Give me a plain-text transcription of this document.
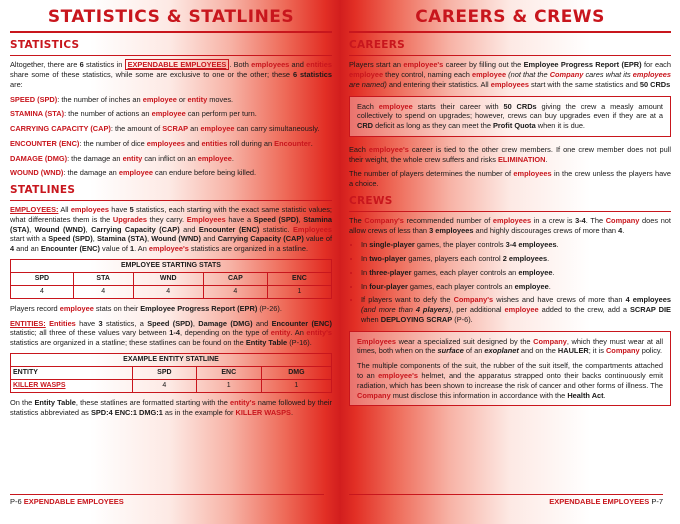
STATISTICS & STATLINES
STATISTICS

Altogether, there are 6 statistics in EXPENDABLE EMPLOYEES . Both employees and entities share some of these statistics, while some are exclusive to one or the other; these 6 statistics are:

SPEED (SPD): the number of inches an employee or entity moves.

STAMINA (STA): the number of actions an employee can perform per turn.

CARRYING CAPACITY (CAP): the amount of SCRAP an employee can carry simultaneously.

ENCOUNTER (ENC): the number of dice employees and entities roll during an Encounter.

DAMAGE (DMG): the damage an entity can inflict on an employee.

WOUND (WND): the damage an employee can endure before being killed.

STATLINES

EMPLOYEES: All employees have 5 statistics, each starting with the exact same statistic values; what differentiates them is the Upgrades they carry. Employees have a Speed (SPD), Stamina (STA), Wound (WND), Carrying Capacity (CAP) and Encounter (ENC) statistic. Employees start with a Speed (SPD), Stamina (STA), Wound (WND) and Carrying Capacity (CAP) value of 4 and an Encounter (ENC) value of 1. An employee's statistics are organized in a statline.

EMPLOYEE STARTING STATS				
SPD	STA	WND	CAP	ENC
4	4	4	4	1

Players record employee stats on their Employee Progress Report (EPR) (P-26).

ENTITIES: Entities have 3 statistics, a Speed (SPD), Damage (DMG) and Encounter (ENC) statistic; all three of these values vary between 1-4, depending on the type of entity. An entity's statistics are organized in a statline; these statlines can be found on the Entity Table (P-16).

EXAMPLE ENTITY STATLINE			
ENTITY	SPD	ENC	DMG
KILLER WASPS	4	1	1

On the Entity Table, these statlines are formatted starting with the entity's name followed by their statistics abbreviated as SPD:4 ENC:1 DMG:1 as in the example for KILLER WASPS.

P-6 EXPENDABLE EMPLOYEES
CAREERS & CREWS
CAREERS

Players start an employee's career by filling out the Employee Progress Report (EPR) for each employee they control, naming each employee (not that the Company cares what its employees are named) and entering their statistics. All employees start with the same statistics and 50 CRDs

Each employee starts their career with 50 CRDs giving the crew a measly amount collectively to spend on upgrades; however, crews can buy upgrades even if they are at a CRD deficit as long as they can meet the Profit Quota when it is due.

Each employee's career is tied to the other crew members. If one crew member does not pull their weight, the whole crew suffers and risks ELIMINATION.

The number of players determines the number of employees in the crew unless the players have a choice.

CREWS

The Company's recommended number of employees in a crew is 3-4. The Company does not allow crews of less than 3 employees and highly discourages crews of more than 4.

• In single-player games, the player controls 3-4 employees.
• In two-player games, players each control 2 employees.
• In three-player games, each player controls an employee.
• In four-player games, each player controls an employee.
• If players want to defy the Company's wishes and have crews of more than 4 employees (and more than 4 players), per additional employee added to the crew, add a SCRAP DIE when DEPLOYING SCRAP (P-6).

Employees wear a specialized suit designed by the Company, which they must wear at all times, both when on the surface of an exoplanet and on the HAULER; it is Company policy.

The multiple components of the suit, the rubber of the suit itself, the compartments attached to an employee's helmet, and the apparatus strapped onto their backs continuously emit radiation, which has been shown to increase the risk of cancer and other forms of illness. The Company must disclose this information in accordance with the Health Act.

EXPENDABLE EMPLOYEES P-7
